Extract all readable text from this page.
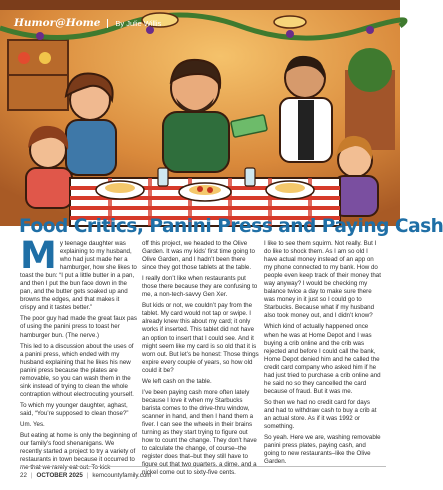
Humor@Home By Julie Willis
Food Critics, Panini Press and Paying Cash

My teenage daughter was explaining to my husband, who had just made her a hamburger, how she likes to toast the bun: “I put a little butter in a pan, and then I put the bun face down in the pan, and the butter gets soaked up and browns the edges, and that makes it crispy and it tastes better.”

The poor guy had made the great faux pas of using the panini press to toast her hamburger bun. (The nerve.)

This led to a discussion about the uses of a panini press, which ended with my husband explaining that he likes his new panini press because the plates are removable, so you can wash them in the sink instead of trying to clean the whole contraption without electrocuting yourself.

To which my younger daughter, aghast, said, “You’re supposed to clean those?”

Um. Yes.

But eating at home is only the beginning of our family’s food shenanigans. We recently started a project to try a variety of restaurants in town because it occurred to me that we rarely eat out. To kick

off this project, we headed to the Olive Garden. It was my kids’ first time going to Olive Garden, and I hadn’t been there since they got those tablets at the table.

I really don’t like when restaurants put those there because they are confusing to me, a non-tech-savvy Gen Xer.

But kids or not, we couldn’t pay from the tablet. My card would not tap or swipe. I already knew this about my card; it only works if inserted. This tablet did not have an option to insert that I could see. And it might seem like my card is so old that it is worn out. But let’s be honest: Those things expire every couple of years, so how old could it be?

We left cash on the table.

I’ve been paying cash more often lately because I love it when my Starbucks barista comes to the drive-thru window, scanner in hand, and then I hand them a fiver. I can see the wheels in their brains turning as they start trying to figure out how to count the change. They don’t have to calculate the change, of course–the register does that–but they still have to figure out that two quarters, a dime, and a nickel come out to sixty-five cents.

I like to see them squirm. Not really. But I do like to shock them. As I am so old I have actual money instead of an app on my phone connected to my bank. How do people even keep track of their money that way anyway? I would be checking my balance twice a day to make sure there was money in it just so I could go to Starbucks. Because what if my husband also took money out, and I didn’t know?

Which kind of actually happened once when he was at Home Depot and I was buying a crib online and the crib was rejected and before I could call the bank, Home Depot denied him and he called the credit card company who asked him if he had just tried to purchase a crib online and he said no so they cancelled the card because of fraud. But it was me.

So then we had no credit card for days and had to withdraw cash to buy a crib at an actual store. As if it was 1992 or something.

So yeah. Here we are, washing removable panini press plates, paying cash, and going to new restaurants–like the Olive Garden.

22 | OCTOBER 2025 | kemcountyfamily.com
